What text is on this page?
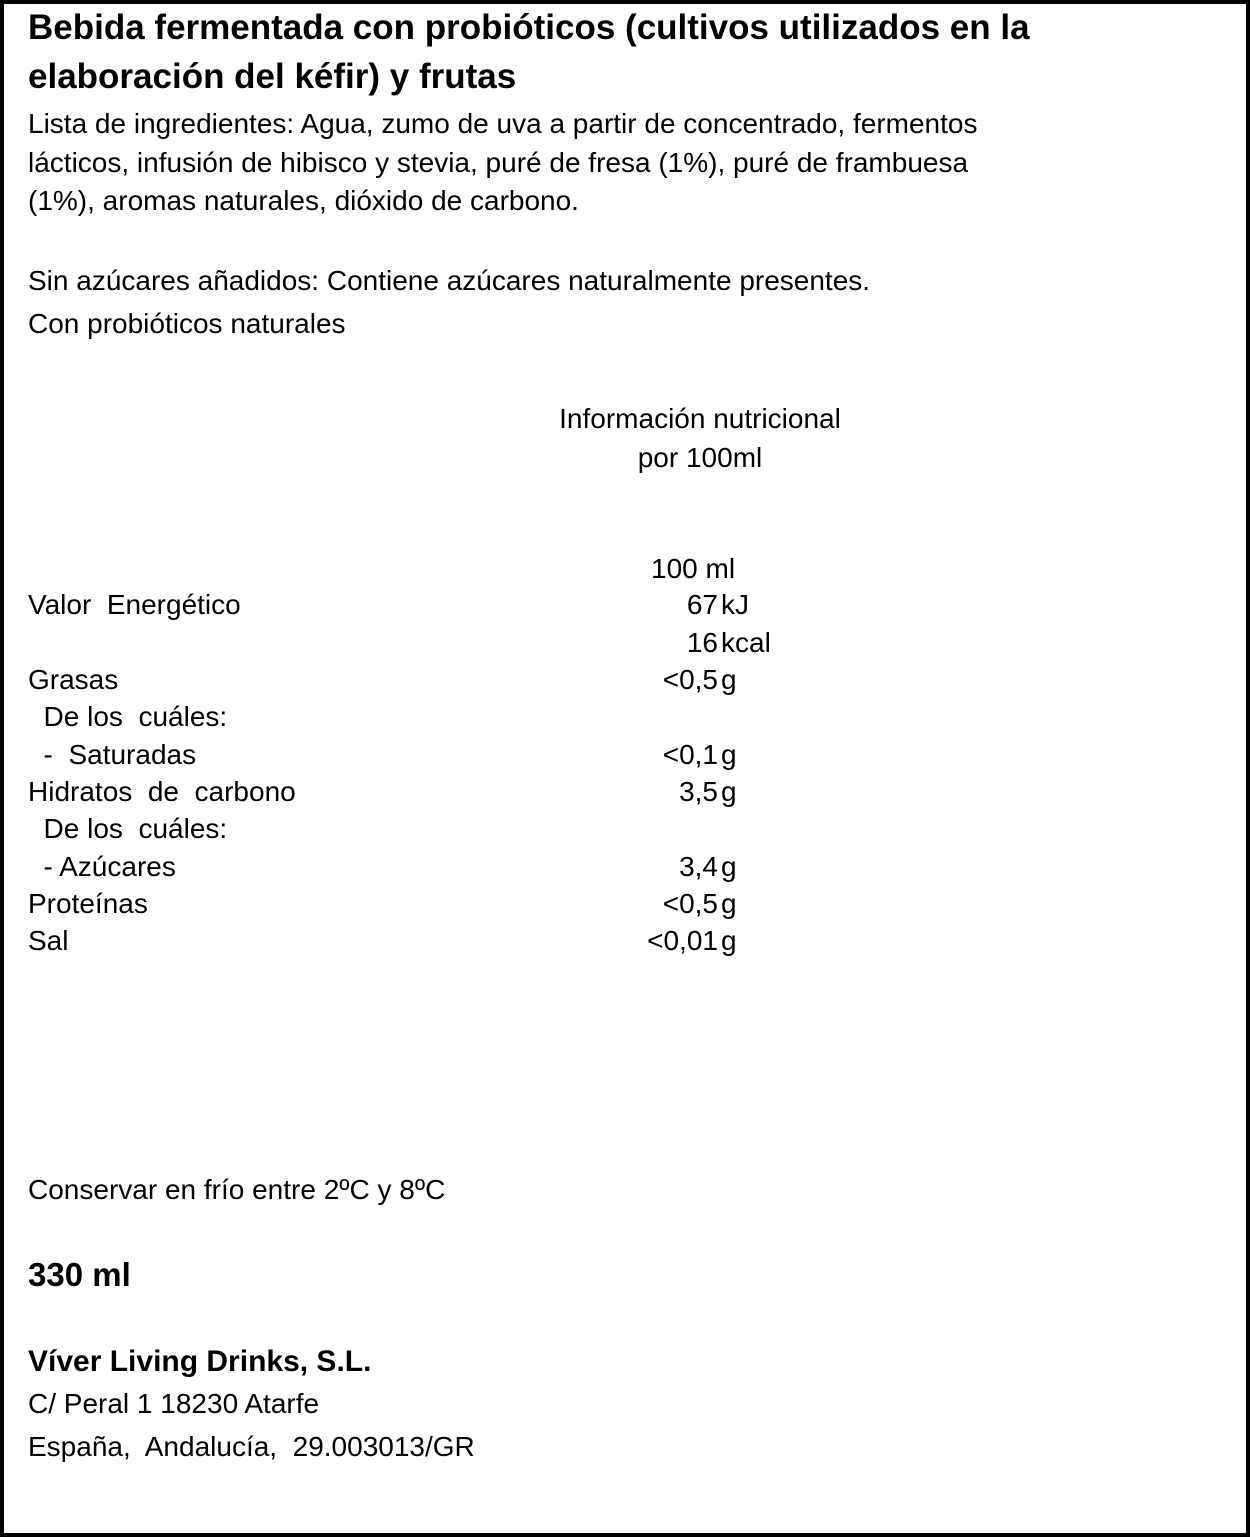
Bebida fermentada con probióticos (cultivos utilizados en la
elaboración del kéfir) y frutas
Lista de ingredientes: Agua, zumo de uva a partir de concentrado, fermentos
lácticos, infusión de hibisco y stevia, puré de fresa (1%), puré de frambuesa
(1%), aromas naturales, dióxido de carbono.
Sin azúcares añadidos: Contiene azúcares naturalmente presentes.
Con probióticos naturales
Información nutricional
por 100ml
100 ml
Valor  Energético	67 kJ
16 kcal
Grasas	<0,5 g
De los  cuáles:
-  Saturadas	<0,1 g
Hidratos  de  carbono	3,5 g
De los  cuáles:
- Azúcares	3,4 g
Proteínas	<0,5 g
Sal	<0,01 g
Conservar en frío entre 2ºC y 8ºC
330 ml
Víver Living Drinks, S.L.
C/ Peral 1 18230 Atarfe
España,  Andalucía,  29.003013/GR
